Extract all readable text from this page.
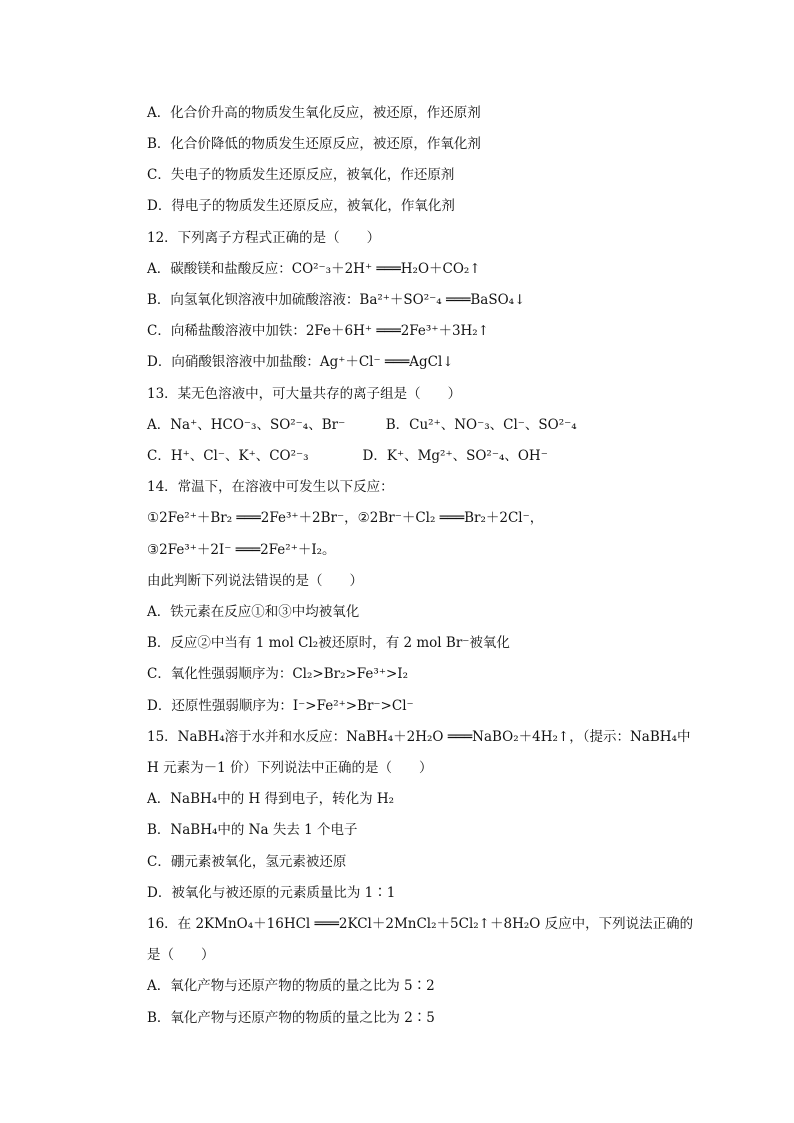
A．化合价升高的物质发生氧化反应，被还原，作还原剂
B．化合价降低的物质发生还原反应，被还原，作氧化剂
C．失电子的物质发生还原反应，被氧化，作还原剂
D．得电子的物质发生还原反应，被氧化，作氧化剂
12．下列离子方程式正确的是（　　）
A．碳酸镁和盐酸反应：CO²⁻₃＋2H⁺ ═══H₂O＋CO₂↑
B．向氢氧化钡溶液中加硫酸溶液：Ba²⁺＋SO²⁻₄ ═══BaSO₄↓
C．向稀盐酸溶液中加铁：2Fe＋6H⁺ ═══2Fe³⁺＋3H₂↑
D．向硝酸银溶液中加盐酸：Ag⁺＋Cl⁻ ═══AgCl↓
13．某无色溶液中，可大量共存的离子组是（　　）
A．Na⁺、HCO⁻₃、SO²⁻₄、Br⁻　　　B．Cu²⁺、NO⁻₃、Cl⁻、SO²⁻₄
C．H⁺、Cl⁻、K⁺、CO²⁻₃　　　　D．K⁺、Mg²⁺、SO²⁻₄、OH⁻
14．常温下，在溶液中可发生以下反应：
①2Fe²⁺＋Br₂ ═══2Fe³⁺＋2Br⁻，②2Br⁻＋Cl₂ ═══Br₂＋2Cl⁻，
③2Fe³⁺＋2I⁻ ═══2Fe²⁺＋I₂。
由此判断下列说法错误的是（　　）
A．铁元素在反应①和③中均被氧化
B．反应②中当有 1 mol Cl₂被还原时，有 2 mol Br⁻被氧化
C．氧化性强弱顺序为：Cl₂>Br₂>Fe³⁺>I₂
D．还原性强弱顺序为：I⁻>Fe²⁺>Br⁻>Cl⁻
15．NaBH₄溶于水并和水反应：NaBH₄＋2H₂O ═══NaBO₂＋4H₂↑，（提示：NaBH₄中
H 元素为－1 价）下列说法中正确的是（　　）
A．NaBH₄中的 H 得到电子，转化为 H₂
B．NaBH₄中的 Na 失去 1 个电子
C．硼元素被氧化，氢元素被还原
D．被氧化与被还原的元素质量比为 1∶1
16．在 2KMnO₄＋16HCl ═══2KCl＋2MnCl₂＋5Cl₂↑＋8H₂O 反应中，下列说法正确的
是（　　）
A．氧化产物与还原产物的物质的量之比为 5∶2
B．氧化产物与还原产物的物质的量之比为 2∶5
